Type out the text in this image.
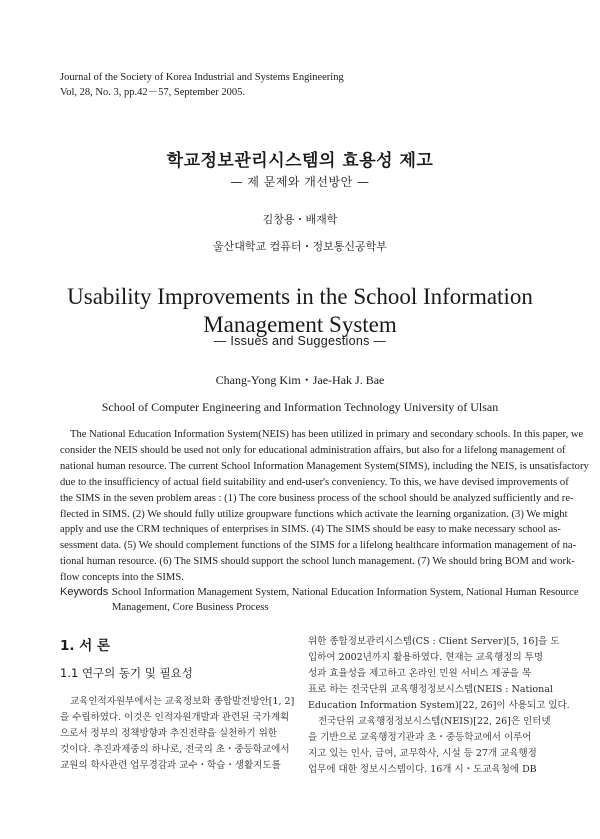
Journal of the Society of Korea Industrial and Systems Engineering
Vol, 28, No. 3, pp.42－57, September 2005.
학교정보관리시스템의 효용성 제고
— 제 문제와 개선방안 —
김창용・배재학
울산대학교 컴퓨터・정보통신공학부
Usability Improvements in the School Information
Management System
— Issues and Suggestions —
Chang-Yong Kim・Jae-Hak J. Bae
School of Computer Engineering and Information Technology University of Ulsan
The National Education Information System(NEIS) has been utilized in primary and secondary schools. In this paper, we
consider the NEIS should be used not only for educational administration affairs, but also for a lifelong management of
national human resource. The current School Information Management System(SIMS), including the NEIS, is unsatisfactory
due to the insufficiency of actual field suitability and end-user's conveniency. To this, we have devised improvements of
the SIMS in the seven problem areas : (1) The core business process of the school should be analyzed sufficiently and re-
flected in SIMS. (2) We should fully utilize groupware functions which activate the learning organization. (3) We might
apply and use the CRM techniques of enterprises in SIMS. (4) The SIMS should be easy to make necessary school as-
sessment data. (5) We should complement functions of the SIMS for a lifelong healthcare information management of na-
tional human resource. (6) The SIMS should support the school lunch management. (7) We should bring BOM and work-
flow concepts into the SIMS.
Keywords :
School Information Management System, National Education Information System, National Human Resource
Management, Core Business Process
1. 서 론
1.1 연구의 동기 및 필요성
교육인적자원부에서는 교육정보화 종합발전방안[1, 2]
을 수립하였다. 이것은 인적자원개발과 관련된 국가계획
으로서 정부의 정책방향과 추진전략을 실천하기 위한
것이다. 추진과제중의 하나로, 전국의 초・중등학교에서
교원의 학사관련 업무경감과 교수・학습・생활지도를
위한 종합정보관리시스템(CS : Client Server)[5, 16]을 도
입하여 2002년까지 활용하였다. 현재는 교육행정의 투명
성과 효율성을 제고하고 온라인 민원 서비스 제공을 목
표로 하는 전국단위 교육행정정보시스템(NEIS : National
Education Information System)[22, 26]이 사용되고 있다.
전국단위 교육행정정보시스템(NEIS)[22, 26]은 인터넷
을 기반으로 교육행정기관과 초・중등학교에서 이루어
지고 있는 인사, 급여, 교무학사, 시설 등 27개 교육행정
업무에 대한 정보시스템이다. 16개 시・도교육청에 DB
